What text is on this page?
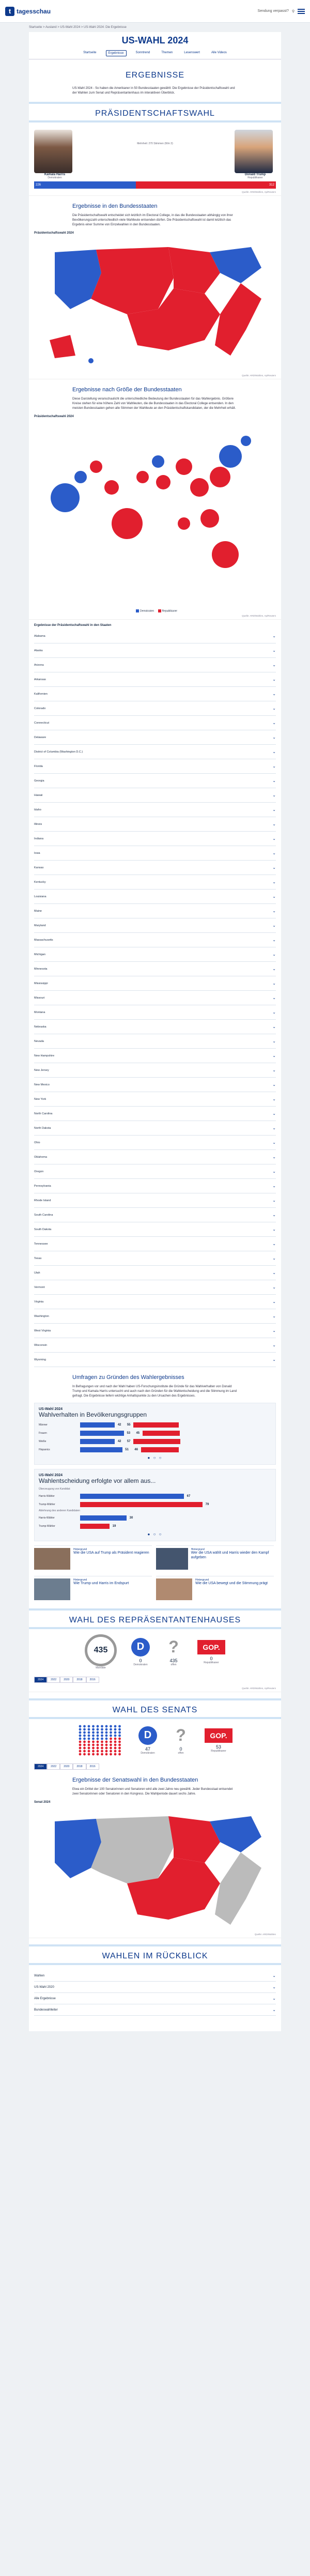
t tagesschau	Sendung verpasst? ⚲
Startseite > Ausland > US-Wahl 2024 > US-Wahl 2024: Die Ergebnisse
US-WAHL 2024
Startseite	Ergebnisse	Sonntrend	Themen	Lesenswert	Alle Videos
ERGEBNISSE
US-Wahl 2024 - So haben die Amerikaner in 50 Bundesstaaten gewählt: Die Ergebnisse der Präsidentschaftswahl und der Wahlen zum Senat und Repräsentantenhaus im interaktiven Überblick.
PRÄSIDENTSCHAFTSWAHL
Kamala Harris
Demokraten
Mehrheit: 270 Stimmen (Wm 3)
Donald Trump
Republikaner
226	312
Quelle: ARD/Wahlen, Ap/Reuters
Ergebnisse in den Bundesstaaten
Die Präsidentschaftswahl entscheidet sich letztlich im Electoral College, in das die Bundesstaaten abhängig von ihrer Bevölkerungszahl unterschiedlich viele Wahlleute entsenden dürfen. Die Präsidentschaftswahl ist damit letztlich das Ergebnis einer Summe von Einzelwahlen in den Bundesstaaten.
Präsidentschaftswahl 2024
Quelle: ARD/Wahlen, Ap/Reuters
Ergebnisse nach Größe der Bundesstaaten
Diese Darstellung veranschaulicht die unterschiedliche Bedeutung der Bundesstaaten für das Wahlergebnis. Größere Kreise stehen für eine höhere Zahl von Wahlleuten, die die Bundesstaaten in das Electoral College entsenden. In den meisten Bundesstaaten gehen alle Stimmen der Wahlleute an den Präsidentschaftskandidaten, der die Mehrheit erhält.
Präsidentschaftswahl 2024
Demokraten	Republikaner
Quelle: ARD/Wahlen, Ap/Reuters
Ergebnisse der Präsidentschaftswahl in den Staaten
Alabama	⌄
Alaska	⌄
Arizona	⌄
Arkansas	⌄
Kalifornien	⌄
Colorado	⌄
Connecticut	⌄
Delaware	⌄
District of Columbia (Washington D.C.)	⌄
Florida	⌄
Georgia	⌄
Hawaii	⌄
Idaho	⌄
Illinois	⌄
Indiana	⌄
Iowa	⌄
Kansas	⌄
Kentucky	⌄
Louisiana	⌄
Maine	⌄
Maryland	⌄
Massachusetts	⌄
Michigan	⌄
Minnesota	⌄
Mississippi	⌄
Missouri	⌄
Montana	⌄
Nebraska	⌄
Nevada	⌄
New Hampshire	⌄
New Jersey	⌄
New Mexico	⌄
New York	⌄
North Carolina	⌄
North Dakota	⌄
Ohio	⌄
Oklahoma	⌄
Oregon	⌄
Pennsylvania	⌄
Rhode Island	⌄
South Carolina	⌄
South Dakota	⌄
Tennessee	⌄
Texas	⌄
Utah	⌄
Vermont	⌄
Virginia	⌄
Washington	⌄
West Virginia	⌄
Wisconsin	⌄
Wyoming	⌄
Umfragen zu Gründen des Wahlergebnisses
In Befragungen vor und nach der Wahl haben US-Forschungsinstitute die Gründe für das Wahlverhalten von Donald Trump und Kamala Harris untersucht und auch nach den Gründen für die Wahlentscheidung und die Stimmung im Land gefragt. Die Ergebnisse liefern wichtige Anhaltspunkte zu den Ursachen des Ergebnisses.
US-Wahl 2024
Wahlverhalten in Bevölkerungsgruppen
Männer	42	55
Frauen	53	45
Weiße	42	57
Hispanics	51	46
● ○ ○
US-Wahl 2024
Wahlentscheidung erfolgte vor allem aus...
Überzeugung von Kandidat
Harris-Wähler	67
Trump-Wähler	79
Ablehnung des anderen Kandidaten
Harris-Wähler	30
Trump-Wähler	19
● ○ ○
Hintergrund
Wie die USA auf Trump als Präsident reagieren
Hintergrund
Wer die USA wählt und Harris wieder den Kampf aufgeben
Hintergrund
Wie Trump und Harris im Endspurt
Hintergrund
Wie die USA bewegt und die Stimmung prägt
WAHL DES REPRÄSENTANTENHAUSES
435
Mandate
D
0
Demokraten
?
435
offen
GOP.
0
Republikaner
2024	2022	2020	2018	2016
Quelle: ARD/Wahlen, Ap/Reuters
WAHL DES SENATS
D
47
Demokraten
?
0
offen
GOP.
53
Republikaner
2024	2022	2020	2018	2016
Ergebnisse der Senatswahl in den Bundesstaaten
Etwa ein Drittel der 100 Senatorinnen und Senatoren wird alle zwei Jahre neu gewählt. Jeder Bundesstaat entsendet zwei Senatorinnen oder Senatoren in den Kongress. Die Wahlperiode dauert sechs Jahre.
Senat 2024
Quelle: ARD/Wahlen
WAHLEN IM RÜCKBLICK
Wahlen	⌄
US-Wahl 2020	⌄
Alle Ergebnisse	⌄
Bundeswahlleiter	⌄
